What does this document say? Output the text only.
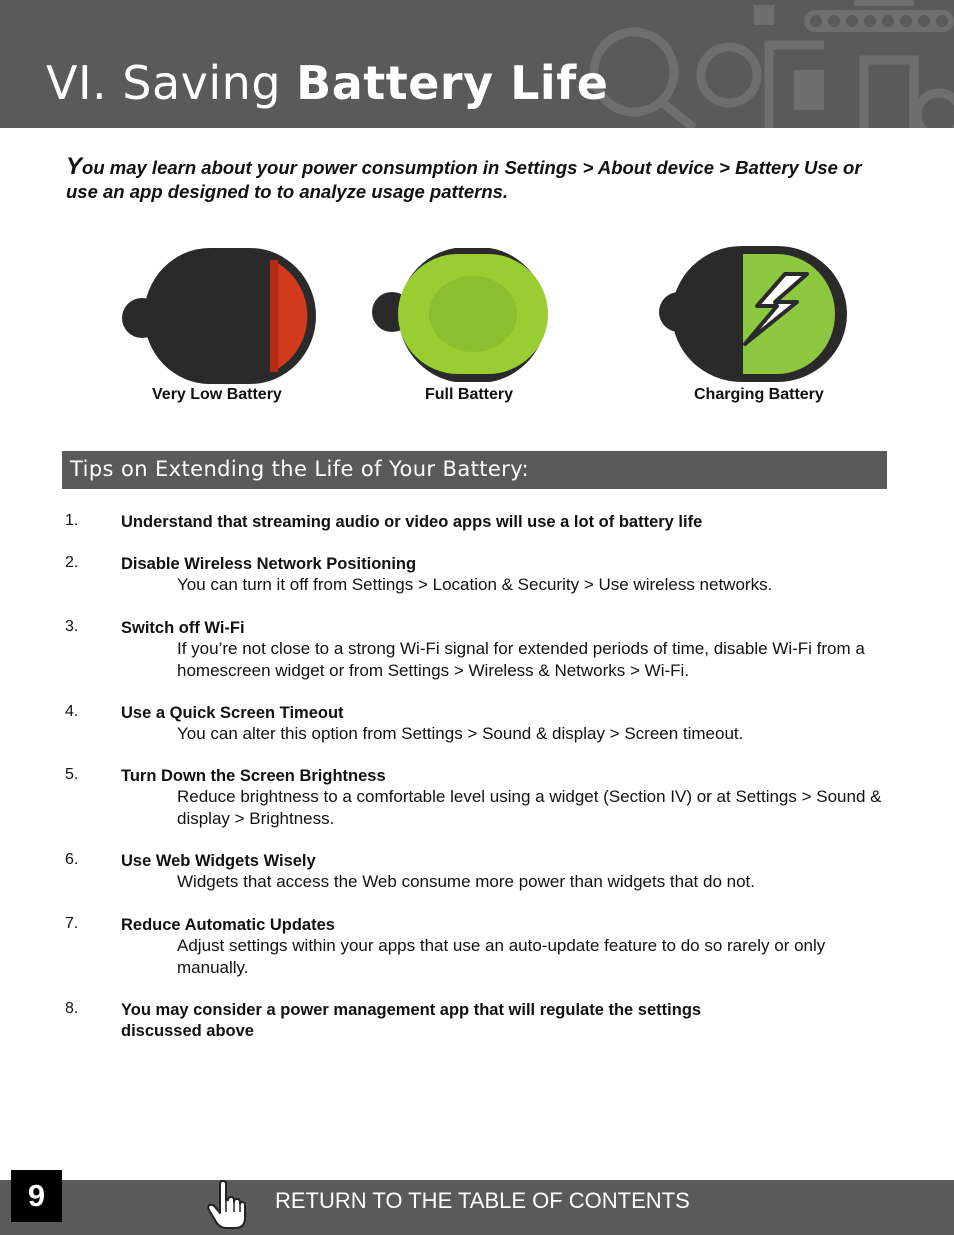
VI. Saving Battery Life
You may learn about your power consumption in Settings > About device > Battery Use or use an app designed to to analyze usage patterns.
Very Low Battery	Full Battery	Charging Battery
Tips on Extending the Life of Your Battery:
1.	Understand that streaming audio or video apps will use a lot of battery life
2.	Disable Wireless Network Positioning
You can turn it off from Settings > Location & Security > Use wireless networks.
3.	Switch off Wi-Fi
If you’re not close to a strong Wi-Fi signal for extended periods of time, disable Wi-Fi from a homescreen widget or from Settings > Wireless & Networks > Wi-Fi.
4.	Use a Quick Screen Timeout
You can alter this option from Settings > Sound & display > Screen timeout.
5.	Turn Down the Screen Brightness
Reduce brightness to a comfortable level using a widget (Section IV) or at Settings > Sound & display > Brightness.
6.	Use Web Widgets Wisely
Widgets that access the Web consume more power than widgets that do not.
7.	Reduce Automatic Updates
Adjust settings within your apps that use an auto-update feature to do so rarely or only manually.
8.	You may consider a power management app that will regulate the settings discussed above
9	RETURN TO THE TABLE OF CONTENTS
